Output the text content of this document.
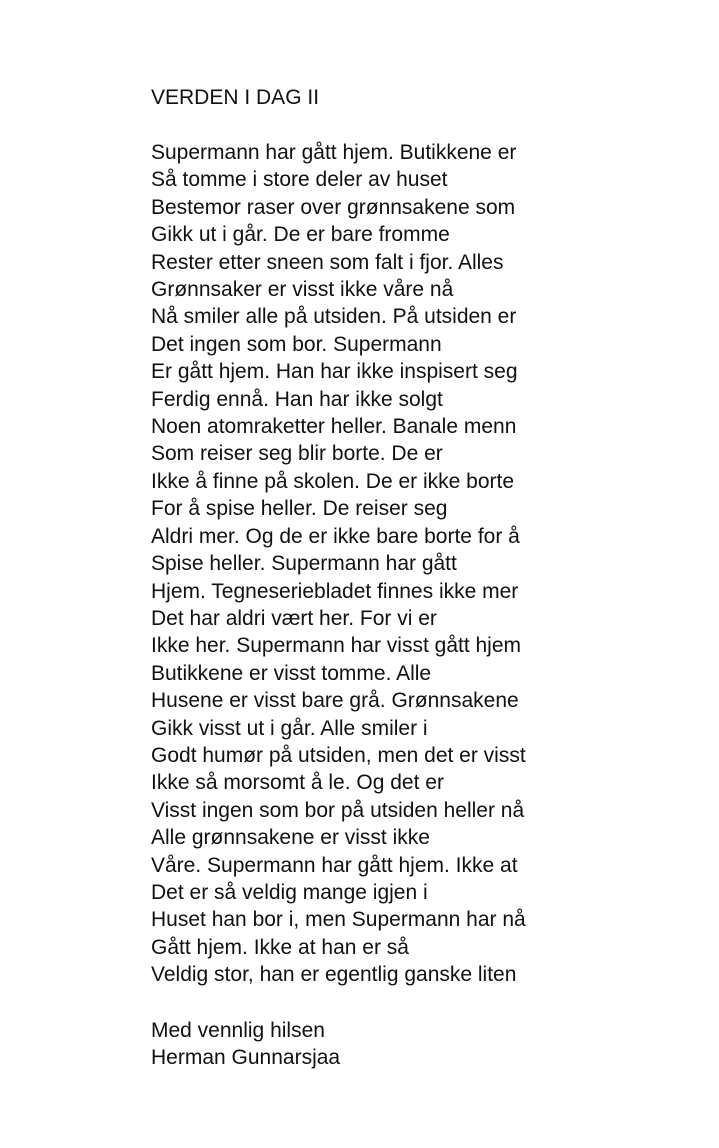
VERDEN I DAG II
Supermann har gått hjem. Butikkene er
Så tomme i store deler av huset
Bestemor raser over grønnsakene som
Gikk ut i går. De er bare fromme
Rester etter sneen som falt i fjor. Alles
Grønnsaker er visst ikke våre nå
Nå smiler alle på utsiden. På utsiden er
Det ingen som bor. Supermann
Er gått hjem. Han har ikke inspisert seg
Ferdig ennå. Han har ikke solgt
Noen atomraketter heller. Banale menn
Som reiser seg blir borte. De er
Ikke å finne på skolen. De er ikke borte
For å spise heller. De reiser seg
Aldri mer. Og de er ikke bare borte for å
Spise heller. Supermann har gått
Hjem. Tegneseriebladet finnes ikke mer
Det har aldri vært her. For vi er
Ikke her. Supermann har visst gått hjem
Butikkene er visst tomme. Alle
Husene er visst bare grå. Grønnsakene
Gikk visst ut i går. Alle smiler i
Godt humør på utsiden, men det er visst
Ikke så morsomt å le. Og det er
Visst ingen som bor på utsiden heller nå
Alle grønnsakene er visst ikke
Våre. Supermann har gått hjem. Ikke at
Det er så veldig mange igjen i
Huset han bor i, men Supermann har nå
Gått hjem. Ikke at han er så
Veldig stor, han er egentlig ganske liten
Med vennlig hilsen
Herman Gunnarsjaa
